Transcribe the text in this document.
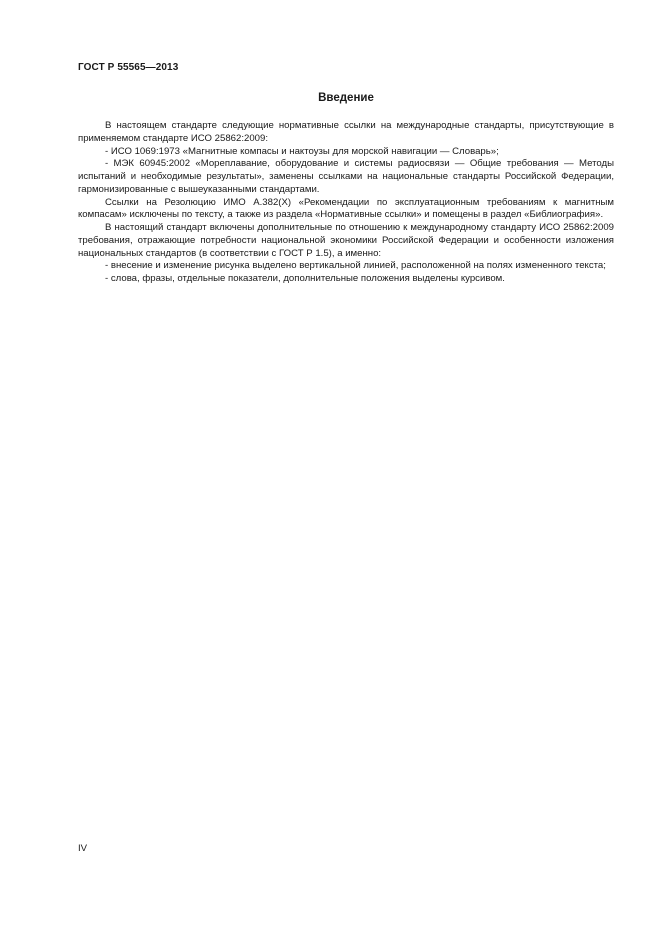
ГОСТ Р 55565—2013
Введение

В настоящем стандарте следующие нормативные ссылки на международные стандарты, присутствующие в применяемом стандарте ИСО 25862:2009:

- ИСО 1069:1973 «Магнитные компасы и нактоузы для морской навигации — Словарь»;

- МЭК 60945:2002 «Мореплавание, оборудование и системы радиосвязи — Общие требования — Методы испытаний и необходимые результаты», заменены ссылками на национальные стандарты Российской Федерации, гармонизированные с вышеуказанными стандартами.

Ссылки на Резолюцию ИМО А.382(X) «Рекомендации по эксплуатационным требованиям к магнитным компасам» исключены по тексту, а также из раздела «Нормативные ссылки» и помещены в раздел «Библиография».

В настоящий стандарт включены дополнительные по отношению к международному стандарту ИСО 25862:2009 требования, отражающие потребности национальной экономики Российской Федерации и особенности изложения национальных стандартов (в соответствии с ГОСТ Р 1.5), а именно:

- внесение и изменение рисунка выделено вертикальной линией, расположенной на полях измененного текста;

- слова, фразы, отдельные показатели, дополнительные положения выделены курсивом.

IV
